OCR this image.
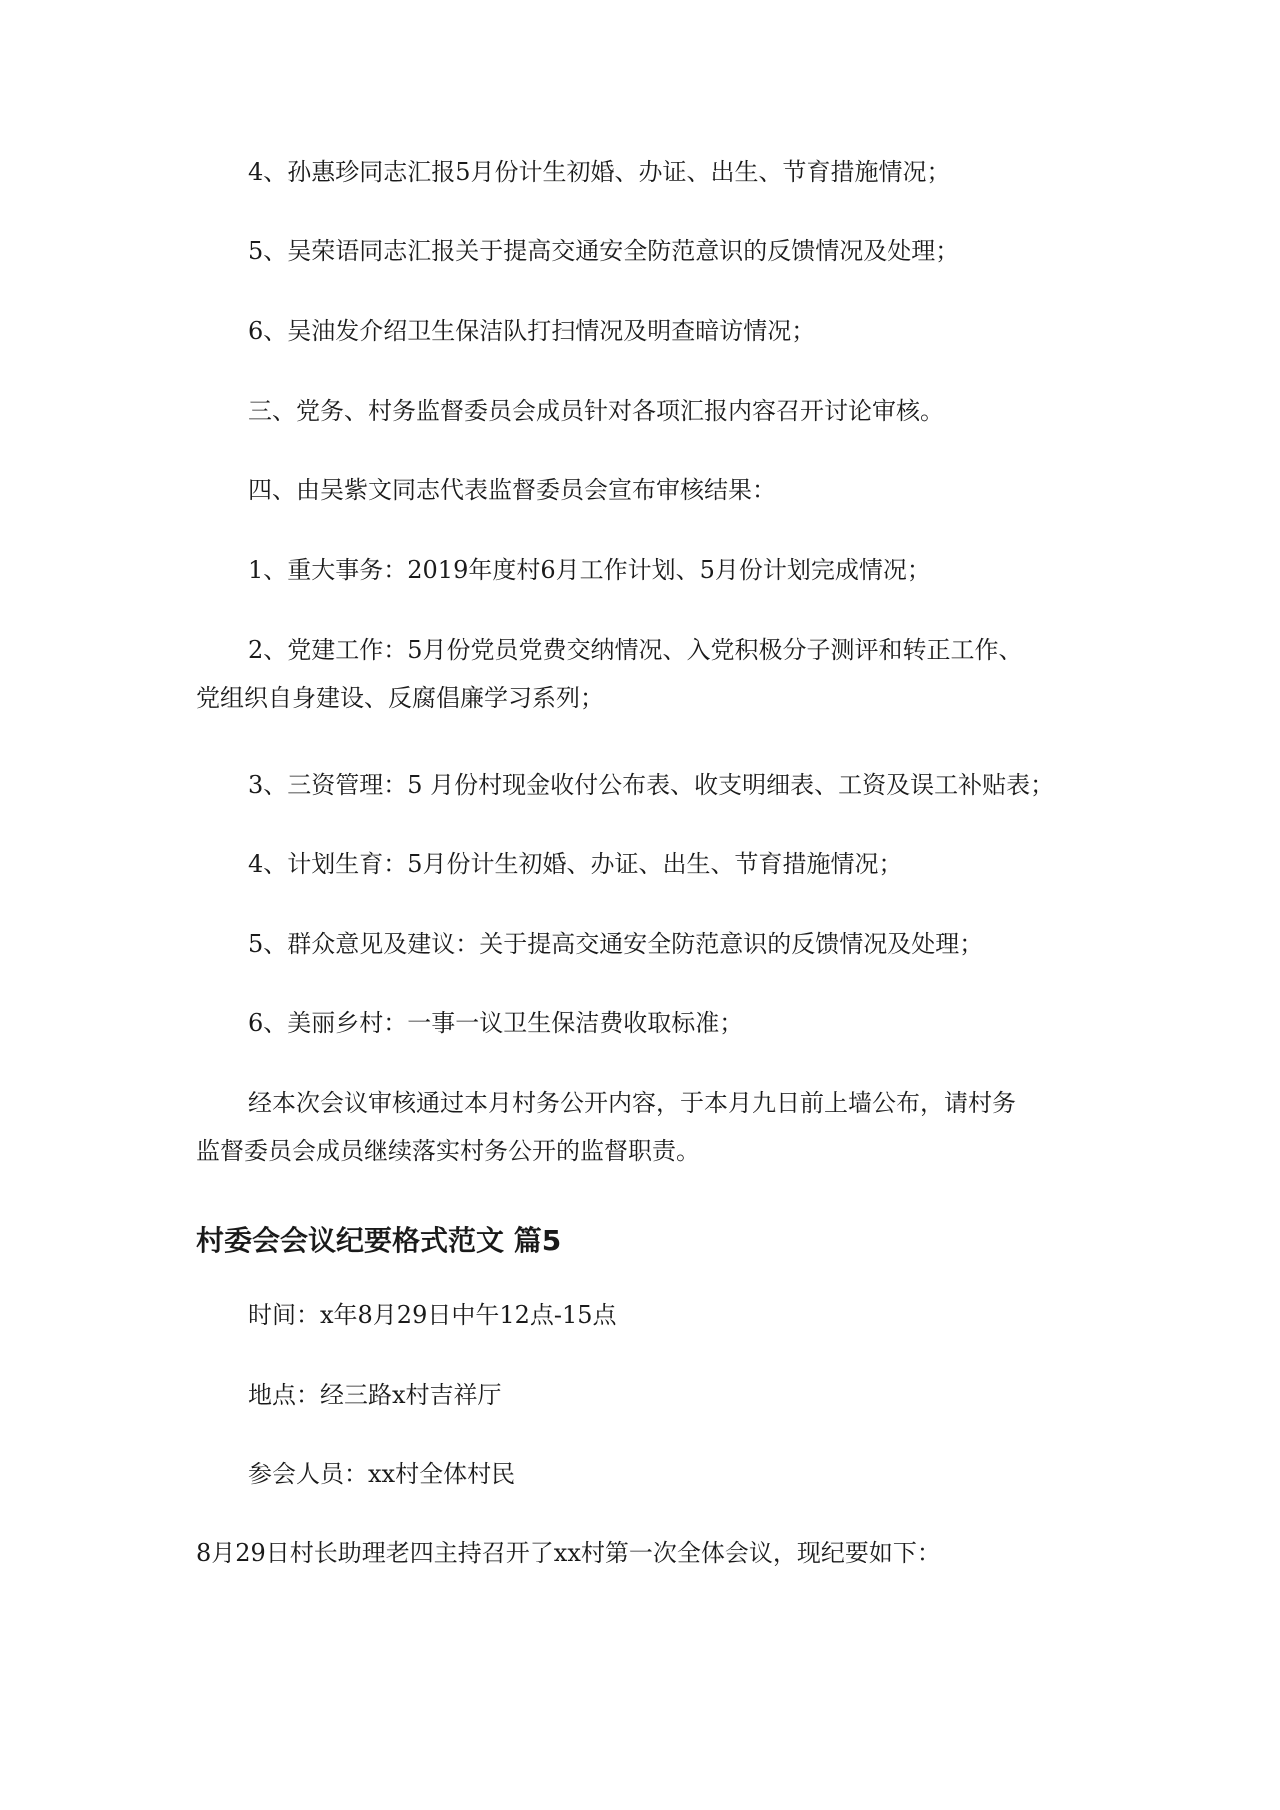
4、孙惠珍同志汇报5月份计生初婚、办证、出生、节育措施情况；

5、吴荣语同志汇报关于提高交通安全防范意识的反馈情况及处理；

6、吴油发介绍卫生保洁队打扫情况及明查暗访情况；

三、党务、村务监督委员会成员针对各项汇报内容召开讨论审核。

四、由吴紫文同志代表监督委员会宣布审核结果：

1、重大事务：2019年度村6月工作计划、5月份计划完成情况；

2、党建工作：5月份党员党费交纳情况、入党积极分子测评和转正工作、
党组织自身建设、反腐倡廉学习系列；

3、三资管理：5 月份村现金收付公布表、收支明细表、工资及误工补贴表；

4、计划生育：5月份计生初婚、办证、出生、节育措施情况；

5、群众意见及建议：关于提高交通安全防范意识的反馈情况及处理；

6、美丽乡村：一事一议卫生保洁费收取标准；

经本次会议审核通过本月村务公开内容，于本月九日前上墙公布，请村务
监督委员会成员继续落实村务公开的监督职责。
村委会会议纪要格式范文 篇5

时间：x年8月29日中午12点-15点

地点：经三路x村吉祥厅

参会人员：xx村全体村民

8月29日村长助理老四主持召开了xx村第一次全体会议，现纪要如下：
